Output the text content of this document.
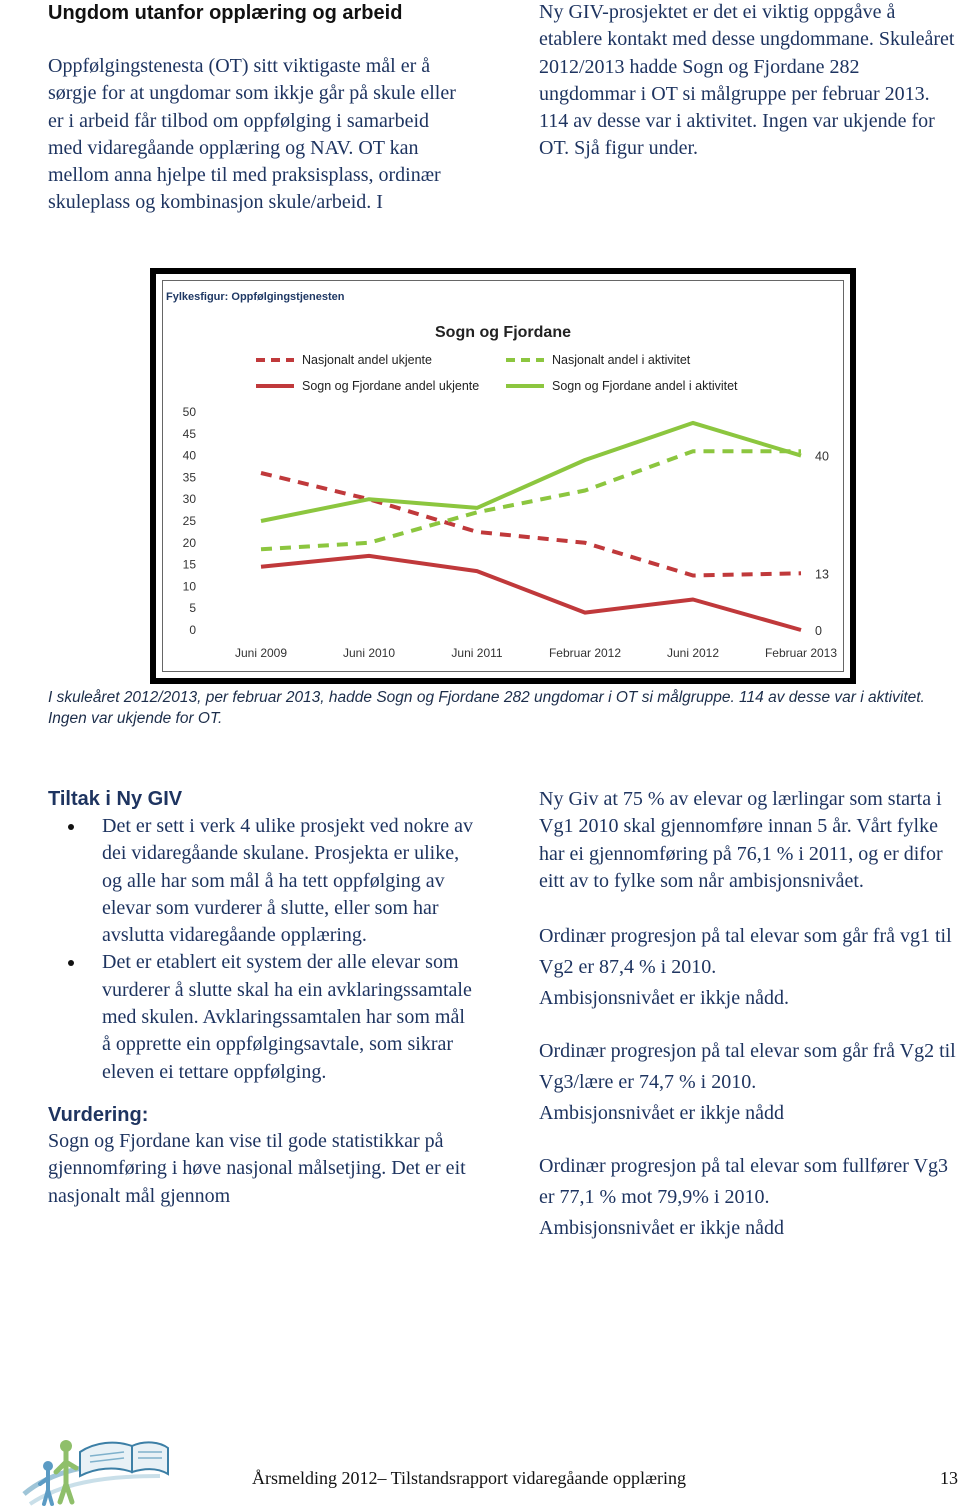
Ungdom utanfor opplæring og arbeid

Oppfølgingstenesta (OT) sitt viktigaste mål er å sørgje for at ungdomar som ikkje går på skule eller er i arbeid får tilbod om oppfølging i samarbeid med vidaregåande opplæring og NAV. OT kan mellom anna hjelpe til med praksisplass, ordinær skuleplass og kombinasjon skule/arbeid. I

Ny GIV-prosjektet er det ei viktig oppgåve å etablere kontakt med desse ungdommane. Skuleåret 2012/2013 hadde Sogn og Fjordane 282 ungdommar i OT si målgruppe per februar 2013. 114 av desse var i aktivitet. Ingen var ukjende for OT. Sjå figur under.

Fylkesfigur: Oppfølgingstjenesten
Sogn og Fjordane
Nasjonalt andel ukjente	Nasjonalt andel i aktivitet
Sogn og Fjordane andel ukjente	Sogn og Fjordane andel i aktivitet
0
5
10
15
20
25
30
35
40
45
50
Juni 2009	Juni 2010	Juni 2011	Februar 2012	Juni 2012	Februar 2013
40
13
0
I skuleåret 2012/2013, per februar 2013, hadde Sogn og Fjordane 282 ungdomar i OT si målgruppe. 114 av desse var i aktivitet. Ingen var ukjende for OT.
Tiltak i Ny GIV
Det er sett i verk 4 ulike prosjekt ved nokre av dei vidaregåande skulane. Prosjekta er ulike, og alle har som mål å ha tett oppfølging av elevar som vurderer å slutte, eller som har avslutta vidaregåande opplæring.
Det er etablert eit system der alle elevar som vurderer å slutte skal ha ein avklaringssamtale med skulen. Avklaringssamtalen har som mål å opprette ein oppfølgingsavtale, som sikrar eleven ei tettare oppfølging.
Vurdering:

Sogn og Fjordane kan vise til gode statistikkar på gjennomføring i høve nasjonal målsetjing. Det er eit nasjonalt mål gjennom

Ny Giv at 75 % av elevar og lærlingar som starta i Vg1 2010 skal gjennomføre innan 5 år. Vårt fylke har ei gjennomføring på 76,1 % i 2011, og er difor eitt av to fylke som når ambisjonsnivået.

Ordinær progresjon på tal elevar som går frå vg1 til Vg2 er 87,4 % i 2010.

Ambisjonsnivået er ikkje nådd.

Ordinær progresjon på tal elevar som går frå Vg2 til Vg3/lære er 74,7 % i 2010.

Ambisjonsnivået er ikkje nådd

Ordinær progresjon på tal elevar som fullfører Vg3 er 77,1 % mot 79,9% i 2010.

Ambisjonsnivået er ikkje nådd

Årsmelding 2012– Tilstandsrapport vidaregåande opplæring	13
